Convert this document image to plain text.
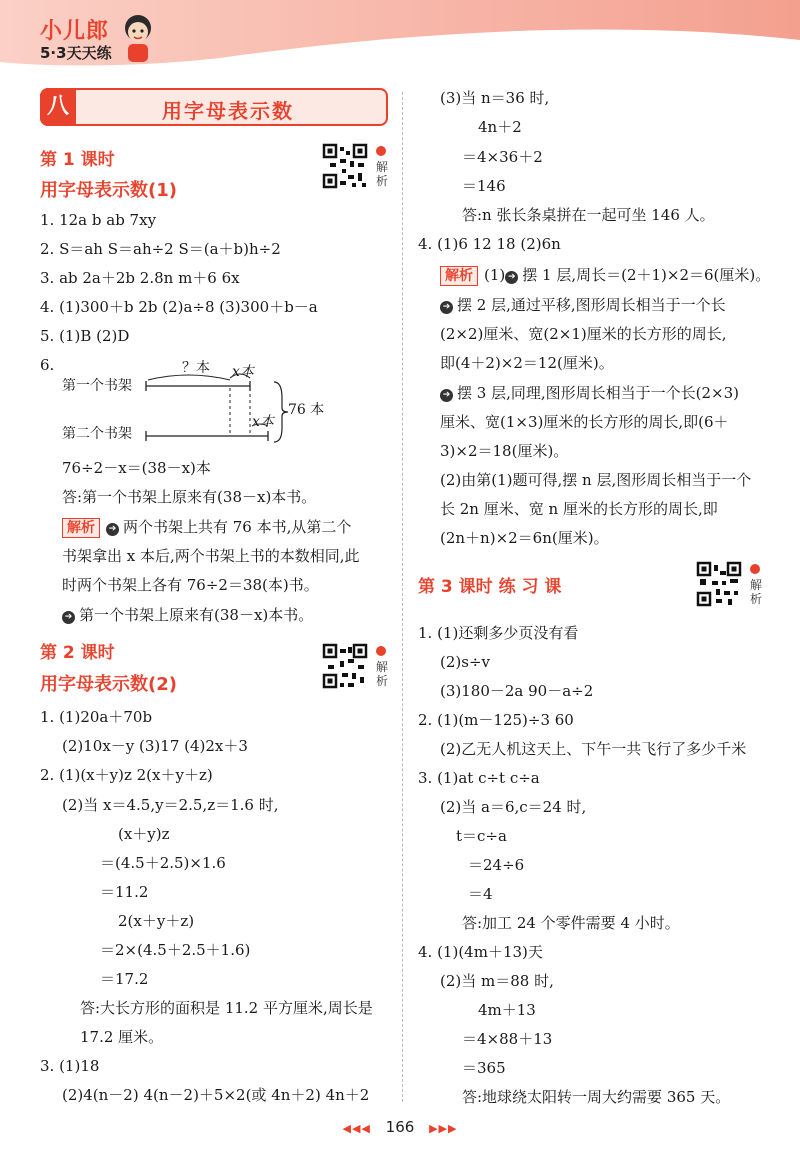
小儿郎
5·3天天练
八	用字母表示数
第 1 课时
用字母表示数(1)
解析
1. 12a b ab 7xy
2. S＝ah S＝ah÷2 S＝(a＋b)h÷2
3. ab 2a＋2b 2.8n m＋6 6x
4. (1)300＋b 2b (2)a÷8 (3)300＋b－a
5. (1)B (2)D
6.
第一个书架
第二个书架
？本 x本
x本
76 本
76÷2－x＝(38－x)本
答:第一个书架上原来有(38－x)本书。
解析 ➔ 两个书架上共有 76 本书,从第二个
书架拿出 x 本后,两个书架上书的本数相同,此
时两个书架上各有 76÷2＝38(本)书。
➔ 第一个书架上原来有(38－x)本书。
第 2 课时
用字母表示数(2)
解析
1. (1)20a＋70b
(2)10x－y (3)17 (4)2x＋3
2. (1)(x＋y)z 2(x＋y＋z)
(2)当 x＝4.5,y＝2.5,z＝1.6 时,
(x＋y)z
＝(4.5＋2.5)×1.6
＝11.2
2(x＋y＋z)
＝2×(4.5＋2.5＋1.6)
＝17.2
答:大长方形的面积是 11.2 平方厘米,周长是
17.2 厘米。
3. (1)18
(2)4(n－2) 4(n－2)＋5×2(或 4n＋2) 4n＋2
(3)当 n＝36 时,
4n＋2
＝4×36＋2
＝146
答:n 张长条桌拼在一起可坐 146 人。
4. (1)6 12 18 (2)6n
解析 (1) ➔ 摆 1 层,周长＝(2＋1)×2＝6(厘米)。
➔ 摆 2 层,通过平移,图形周长相当于一个长
(2×2)厘米、宽(2×1)厘米的长方形的周长,
即(4＋2)×2＝12(厘米)。
➔ 摆 3 层,同理,图形周长相当于一个长(2×3)
厘米、宽(1×3)厘米的长方形的周长,即(6＋
3)×2＝18(厘米)。
(2)由第(1)题可得,摆 n 层,图形周长相当于一个
长 2n 厘米、宽 n 厘米的长方形的周长,即
(2n＋n)×2＝6n(厘米)。
第 3 课时 练 习 课	解析
1. (1)还剩多少页没有看
(2)s÷v
(3)180－2a 90－a÷2
2. (1)(m－125)÷3 60
(2)乙无人机这天上、下午一共飞行了多少千米
3. (1)at c÷t c÷a
(2)当 a＝6,c＝24 时,
t＝c÷a
＝24÷6
＝4
答:加工 24 个零件需要 4 小时。
4. (1)(4m＋13)天
(2)当 m＝88 时,
4m＋13
＝4×88＋13
＝365
答:地球绕太阳转一周大约需要 365 天。
◀◀◀ 166 ▶▶▶
